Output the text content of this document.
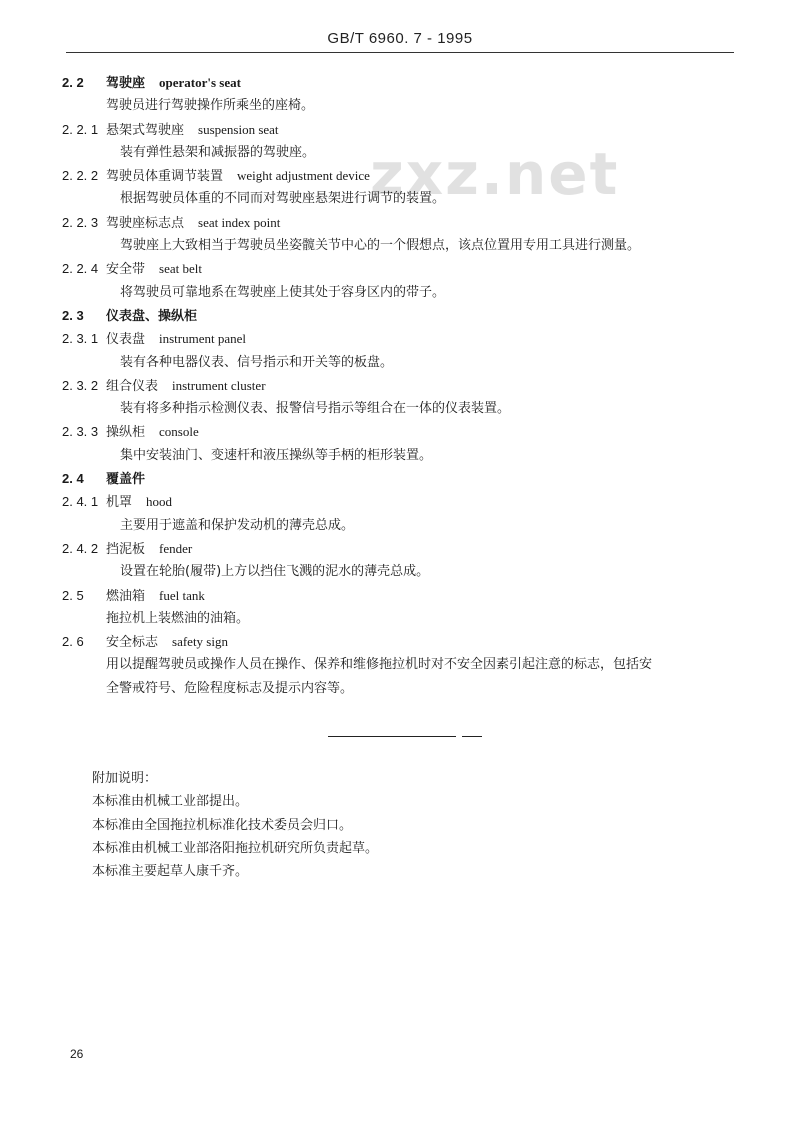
GB/T 6960. 7 - 1995
zxz.net
2. 2 驾驶座 operator's seat
驾驶员进行驾驶操作所乘坐的座椅。
2. 2. 1 悬架式驾驶座 suspension seat
装有弹性悬架和减振器的驾驶座。
2. 2. 2 驾驶员体重调节装置 weight adjustment device
根据驾驶员体重的不同而对驾驶座悬架进行调节的装置。
2. 2. 3 驾驶座标志点 seat index point
驾驶座上大致相当于驾驶员坐姿髋关节中心的一个假想点，该点位置用专用工具进行测量。
2. 2. 4 安全带 seat belt
将驾驶员可靠地系在驾驶座上使其处于容身区内的带子。
2. 3 仪表盘、操纵柜
2. 3. 1 仪表盘 instrument panel
装有各种电器仪表、信号指示和开关等的板盘。
2. 3. 2 组合仪表 instrument cluster
装有将多种指示检测仪表、报警信号指示等组合在一体的仪表装置。
2. 3. 3 操纵柜 console
集中安装油门、变速杆和液压操纵等手柄的柜形装置。
2. 4 覆盖件
2. 4. 1 机罩 hood
主要用于遮盖和保护发动机的薄壳总成。
2. 4. 2 挡泥板 fender
设置在轮胎(履带)上方以挡住飞溅的泥水的薄壳总成。
2. 5 燃油箱 fuel tank
拖拉机上装燃油的油箱。
2. 6 安全标志 safety sign
用以提醒驾驶员或操作人员在操作、保养和维修拖拉机时对不安全因素引起注意的标志，包括安
全警戒符号、危险程度标志及提示内容等。
附加说明：
本标准由机械工业部提出。
本标准由全国拖拉机标准化技术委员会归口。
本标准由机械工业部洛阳拖拉机研究所负责起草。
本标准主要起草人康千齐。
26
